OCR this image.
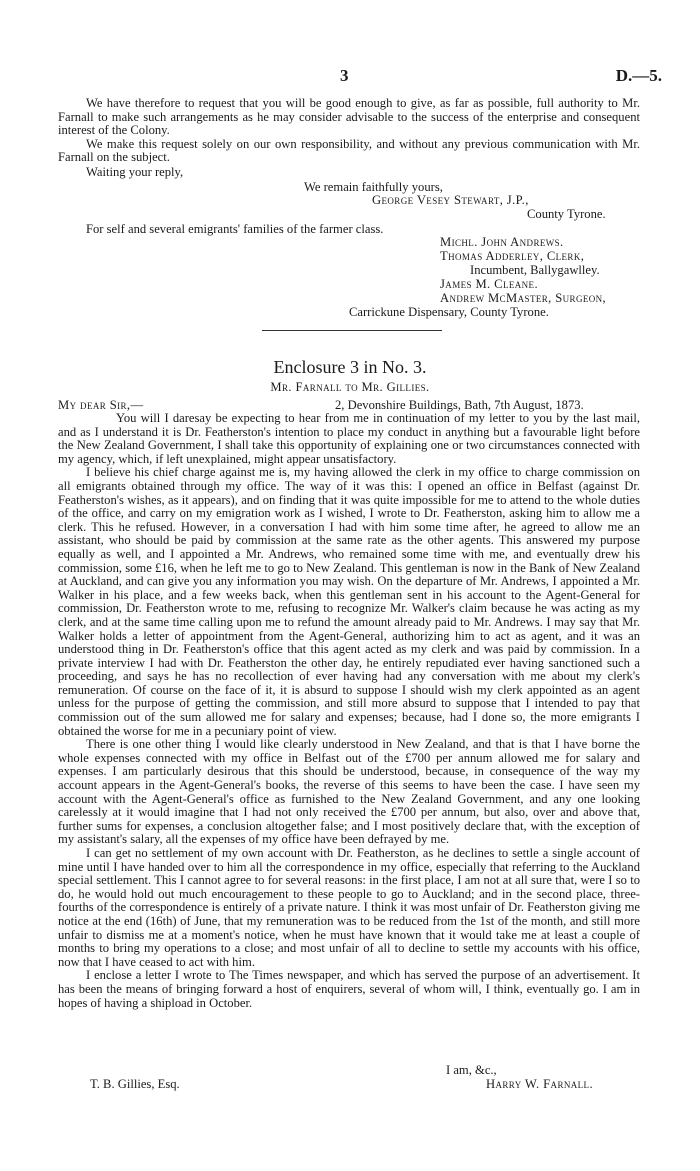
3	D.—5.

We have therefore to request that you will be good enough to give, as far as possible, full authority to Mr. Farnall to make such arrangements as he may consider advisable to the success of the enterprise and consequent interest of the Colony.

We make this request solely on our own responsibility, and without any previous communication with Mr. Farnall on the subject.

Waiting your reply,
We remain faithfully yours,
George Vesey Stewart, J.P.,
County Tyrone.
For self and several emigrants' families of the farmer class.
Michl. John Andrews.
Thomas Adderley, Clerk,
Incumbent, Ballygawlley.
James M. Cleane.
Andrew McMaster, Surgeon,
Carrickune Dispensary, County Tyrone.
Enclosure 3 in No. 3.
Mr. Farnall to Mr. Gillies.
My dear Sir,—	2, Devonshire Buildings, Bath, 7th August, 1873.

You will I daresay be expecting to hear from me in continuation of my letter to you by the last mail, and as I understand it is Dr. Featherston's intention to place my conduct in anything but a favourable light before the New Zealand Government, I shall take this opportunity of explaining one or two circumstances connected with my agency, which, if left unexplained, might appear unsatisfactory.

I believe his chief charge against me is, my having allowed the clerk in my office to charge commission on all emigrants obtained through my office. The way of it was this: I opened an office in Belfast (against Dr. Featherston's wishes, as it appears), and on finding that it was quite impossible for me to attend to the whole duties of the office, and carry on my emigration work as I wished, I wrote to Dr. Featherston, asking him to allow me a clerk. This he refused. However, in a conversation I had with him some time after, he agreed to allow me an assistant, who should be paid by commission at the same rate as the other agents. This answered my purpose equally as well, and I appointed a Mr. Andrews, who remained some time with me, and eventually drew his commission, some £16, when he left me to go to New Zealand. This gentleman is now in the Bank of New Zealand at Auckland, and can give you any information you may wish. On the departure of Mr. Andrews, I appointed a Mr. Walker in his place, and a few weeks back, when this gentleman sent in his account to the Agent-General for commission, Dr. Featherston wrote to me, refusing to recognize Mr. Walker's claim because he was acting as my clerk, and at the same time calling upon me to refund the amount already paid to Mr. Andrews. I may say that Mr. Walker holds a letter of appointment from the Agent-General, authorizing him to act as agent, and it was an understood thing in Dr. Featherston's office that this agent acted as my clerk and was paid by commission. In a private interview I had with Dr. Featherston the other day, he entirely repudiated ever having sanctioned such a proceeding, and says he has no recollection of ever having had any conversation with me about my clerk's remuneration. Of course on the face of it, it is absurd to suppose I should wish my clerk appointed as an agent unless for the purpose of getting the commission, and still more absurd to suppose that I intended to pay that commission out of the sum allowed me for salary and expenses; because, had I done so, the more emigrants I obtained the worse for me in a pecuniary point of view.

There is one other thing I would like clearly understood in New Zealand, and that is that I have borne the whole expenses connected with my office in Belfast out of the £700 per annum allowed me for salary and expenses. I am particularly desirous that this should be understood, because, in consequence of the way my account appears in the Agent-General's books, the reverse of this seems to have been the case. I have seen my account with the Agent-General's office as furnished to the New Zealand Government, and any one looking carelessly at it would imagine that I had not only received the £700 per annum, but also, over and above that, further sums for expenses, a conclusion altogether false; and I most positively declare that, with the exception of my assistant's salary, all the expenses of my office have been defrayed by me.

I can get no settlement of my own account with Dr. Featherston, as he declines to settle a single account of mine until I have handed over to him all the correspondence in my office, especially that referring to the Auckland special settlement. This I cannot agree to for several reasons: in the first place, I am not at all sure that, were I so to do, he would hold out much encouragement to these people to go to Auckland; and in the second place, three-fourths of the correspondence is entirely of a private nature. I think it was most unfair of Dr. Featherston giving me notice at the end (16th) of June, that my remuneration was to be reduced from the 1st of the month, and still more unfair to dismiss me at a moment's notice, when he must have known that it would take me at least a couple of months to bring my operations to a close; and most unfair of all to decline to settle my accounts with his office, now that I have ceased to act with him.

I enclose a letter I wrote to The Times newspaper, and which has served the purpose of an advertisement. It has been the means of bringing forward a host of enquirers, several of whom will, I think, eventually go. I am in hopes of having a shipload in October.

I am, &c.,
T. B. Gillies, Esq.	Harry W. Farnall.
